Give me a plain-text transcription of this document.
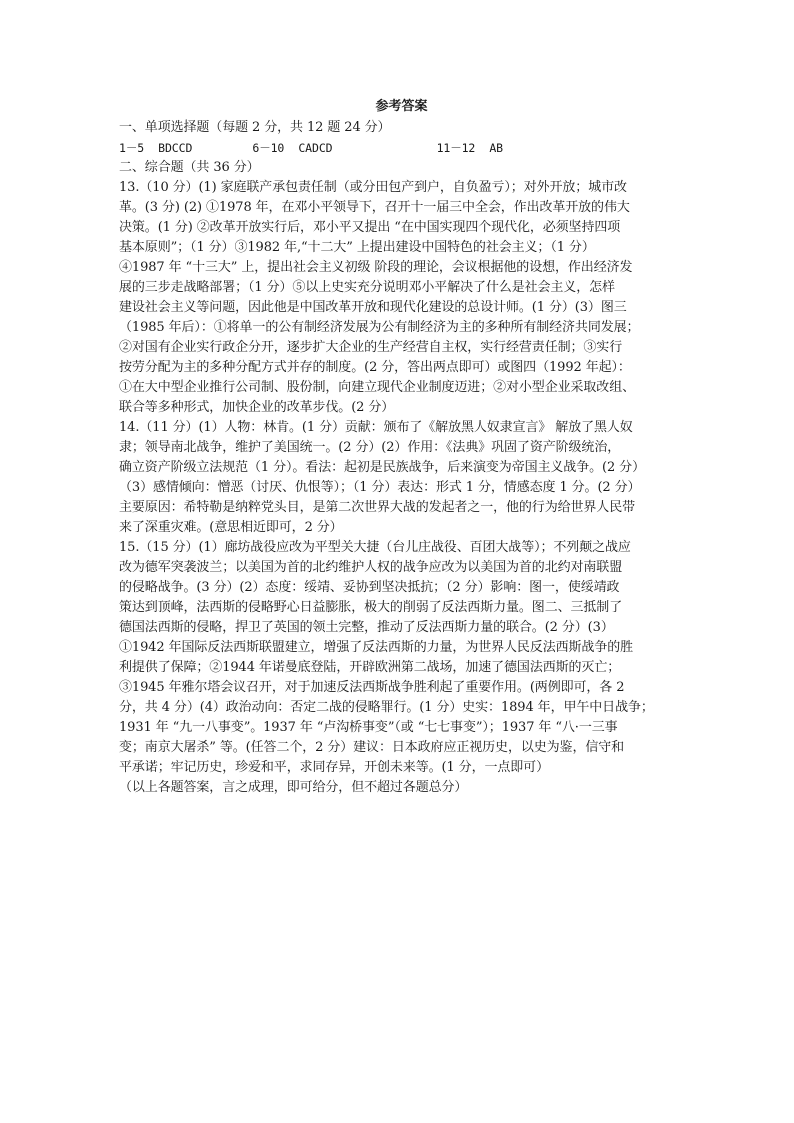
参考答案
一、单项选择题（每题 2 分，共 12 题 24 分）
1－5 BDCCD	6－10 CADCD	11－12 AB
二、综合题（共 36 分）
13.（10 分）(1) 家庭联产承包责任制（或分田包产到户，自负盈亏）；对外开放；城市改
革。(3 分) (2) ①1978 年，在邓小平领导下，召开十一届三中全会，作出改革开放的伟大
决策。(1 分) ②改革开放实行后，邓小平又提出 “在中国实现四个现代化，必须坚持四项
基本原则”；（1 分）③1982 年,“十二大” 上提出建设中国特色的社会主义；（1 分）
④1987 年 “十三大” 上，提出社会主义初级 阶段的理论，会议根据他的设想，作出经济发
展的三步走战略部署；（1 分）⑤以上史实充分说明邓小平解决了什么是社会主义，怎样
建设社会主义等问题，因此他是中国改革开放和现代化建设的总设计师。(1 分）(3）图三
（1985 年后）：①将单一的公有制经济发展为公有制经济为主的多种所有制经济共同发展；
②对国有企业实行政企分开，逐步扩大企业的生产经营自主权，实行经营责任制；③实行
按劳分配为主的多种分配方式并存的制度。(2 分，答出两点即可）或图四（1992 年起）：
①在大中型企业推行公司制、股份制，向建立现代企业制度迈进；②对小型企业采取改组、
联合等多种形式，加快企业的改革步伐。(2 分）
14.（11 分）(1）人物：林肯。(1 分）贡献：颁布了《解放黑人奴隶宣言》 解放了黑人奴
隶；领导南北战争，维护了美国统一。(2 分）(2）作用：《法典》巩固了资产阶级统治，
确立资产阶级立法规范（1 分）。看法：起初是民族战争，后来演变为帝国主义战争。(2 分）
（3）感情倾向：憎恶（讨厌、仇恨等）；（1 分）表达：形式 1 分，情感态度 1 分。(2 分）
主要原因：希特勒是纳粹党头目，是第二次世界大战的发起者之一，他的行为给世界人民带
来了深重灾难。(意思相近即可，2 分）
15.（15 分）(1）廊坊战役应改为平型关大捷（台儿庄战役、百团大战等）；不列颠之战应
改为德军突袭波兰；以美国为首的北约维护人权的战争应改为以美国为首的北约对南联盟
的侵略战争。(3 分）(2）态度：绥靖、妥协到坚决抵抗；（2 分）影响：图一，使绥靖政
策达到顶峰，法西斯的侵略野心日益膨胀，极大的削弱了反法西斯力量。图二、三抵制了
德国法西斯的侵略，捍卫了英国的领土完整，推动了反法西斯力量的联合。(2 分）(3）
①1942 年国际反法西斯联盟建立，增强了反法西斯的力量，为世界人民反法西斯战争的胜
利提供了保障；②1944 年诺曼底登陆，开辟欧洲第二战场，加速了德国法西斯的灭亡；
③1945 年雅尔塔会议召开，对于加速反法西斯战争胜利起了重要作用。(两例即可，各 2
分，共 4 分）(4）政治动向：否定二战的侵略罪行。(1 分）史实：1894 年，甲午中日战争；
1931 年 “九一八事变”。1937 年 “卢沟桥事变”（或 “七七事变”）；1937 年 “八·一三事
变；南京大屠杀” 等。(任答二个，2 分）建议：日本政府应正视历史，以史为鉴，信守和
平承诺；牢记历史，珍爱和平，求同存异，开创未来等。(1 分，一点即可）
（以上各题答案，言之成理，即可给分，但不超过各题总分）
